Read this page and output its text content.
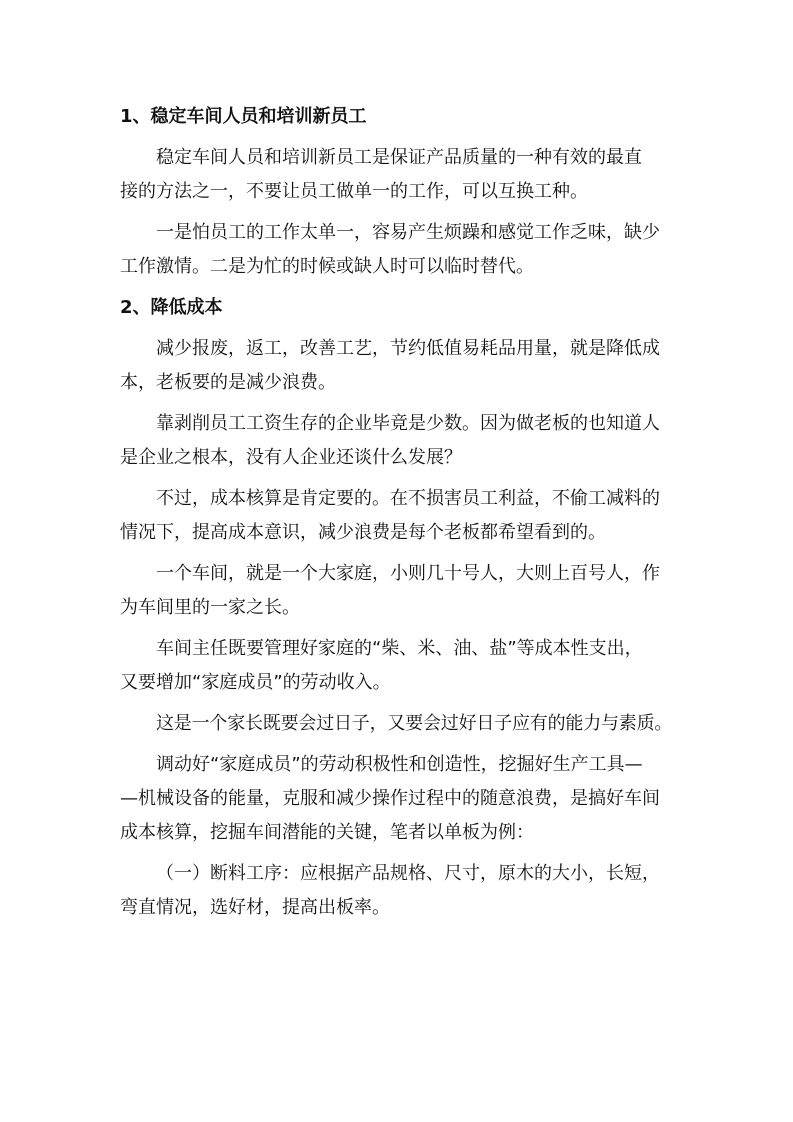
1、稳定车间人员和培训新员工
稳定车间人员和培训新员工是保证产品质量的一种有效的最直
接的方法之一，不要让员工做单一的工作，可以互换工种。
一是怕员工的工作太单一，容易产生烦躁和感觉工作乏味，缺少
工作激情。二是为忙的时候或缺人时可以临时替代。
2、降低成本
减少报废，返工，改善工艺，节约低值易耗品用量，就是降低成
本，老板要的是减少浪费。
靠剥削员工工资生存的企业毕竟是少数。因为做老板的也知道人
是企业之根本，没有人企业还谈什么发展？
不过，成本核算是肯定要的。在不损害员工利益，不偷工减料的
情况下，提高成本意识，减少浪费是每个老板都希望看到的。
一个车间，就是一个大家庭，小则几十号人，大则上百号人，作
为车间里的一家之长。
车间主任既要管理好家庭的“柴、米、油、盐”等成本性支出，
又要增加“家庭成员”的劳动收入。
这是一个家长既要会过日子，又要会过好日子应有的能力与素质。
调动好“家庭成员”的劳动积极性和创造性，挖掘好生产工具—
—机械设备的能量，克服和减少操作过程中的随意浪费，是搞好车间
成本核算，挖掘车间潜能的关键，笔者以单板为例：
（一）断料工序：应根据产品规格、尺寸，原木的大小，长短，
弯直情况，选好材，提高出板率。
